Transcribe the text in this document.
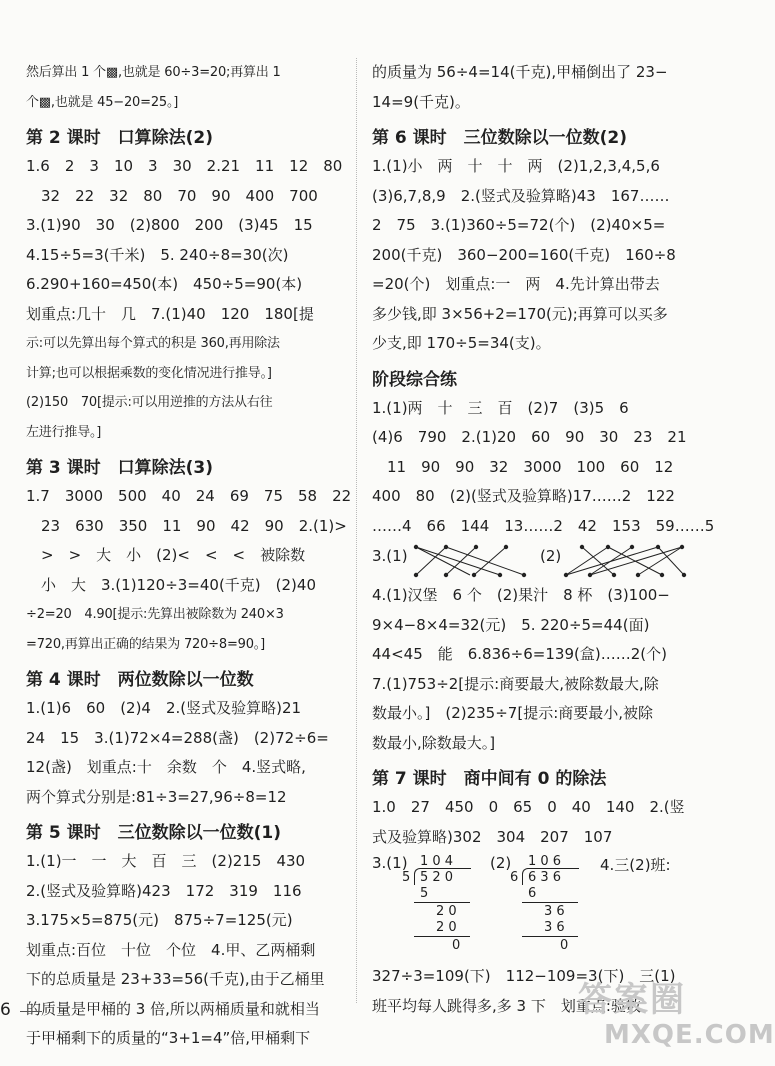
然后算出 1 个▩,也就是 60÷3=20;再算出 1
个▩,也就是 45−20=25。]
第 2 课时　口算除法(2)
1.6　2　3　10　3　30　2.21　11　12　80
　32　22　32　80　70　90　400　700
3.(1)90　30　(2)800　200　(3)45　15
4.15÷5=3(千米)　5. 240÷8=30(次)
6.290+160=450(本)　450÷5=90(本)
划重点:几十　几　7.(1)40　120　180[提
示:可以先算出每个算式的积是 360,再用除法
计算;也可以根据乘数的变化情况进行推导。]
(2)150　70[提示:可以用逆推的方法从右往
左进行推导。]
第 3 课时　口算除法(3)
1.7　3000　500　40　24　69　75　58　22
　23　630　350　11　90　42　90　2.(1)>
　>　>　大　小　(2)<　<　<　被除数
　小　大　3.(1)120÷3=40(千克)　(2)40
÷2=20　4.90[提示:先算出被除数为 240×3
=720,再算出正确的结果为 720÷8=90。]
第 4 课时　两位数除以一位数
1.(1)6　60　(2)4　2.(竖式及验算略)21
24　15　3.(1)72×4=288(盏)　(2)72÷6=
12(盏)　划重点:十　余数　个　4.竖式略,
两个算式分别是:81÷3=27,96÷8=12
第 5 课时　三位数除以一位数(1)
1.(1)一　一　大　百　三　(2)215　430
2.(竖式及验算略)423　172　319　116
3.175×5=875(元)　875÷7=125(元)
划重点:百位　十位　个位　4.甲、乙两桶剩
下的总质量是 23+33=56(千克),由于乙桶里
的质量是甲桶的 3 倍,所以两桶质量和就相当
于甲桶剩下的质量的“3+1=4”倍,甲桶剩下
的质量为 56÷4=14(千克),甲桶倒出了 23−
14=9(千克)。
第 6 课时　三位数除以一位数(2)
1.(1)小　两　十　十　两　(2)1,2,3,4,5,6
(3)6,7,8,9　2.(竖式及验算略)43　167……
2　75　3.(1)360÷5=72(个)　(2)40×5=
200(千克)　360−200=160(千克)　160÷8
=20(个)　划重点:一　两　4.先计算出带去
多少钱,即 3×56+2=170(元);再算可以买多
少支,即 170÷5=34(支)。
阶段综合练
1.(1)两　十　三　百　(2)7　(3)5　6
(4)6　790　2.(1)20　60　90　30　23　21
　11　90　90　32　3000　100　60　12
400　80　(2)(竖式及验算略)17……2　122
……4　66　144　13……2　42　153　59……5
3.(1)	(2)
4.(1)汉堡　6 个　(2)果汁　8 杯　(3)100−
9×4−8×4=32(元)　5. 220÷5=44(面)
44<45　能　6.836÷6=139(盒)……2(个)
7.(1)753÷2[提示:商要最大,被除数最大,除
数最小。]　(2)235÷7[提示:商要最小,被除
数最小,除数最大。]
第 7 课时　商中间有 0 的除法
1.0　27　450　0　65　0　40　140　2.(竖
式及验算略)302　304　207　107
3.(1) 1 0 4
5 5 2 0
5
2 0
2 0
0
(2) 1 0 6
6 6 3 6
6
3 6
3 6
0
4.三(2)班:
327÷3=109(下)　112−109=3(下)　三(1)
班平均每人跳得多,多 3 下　划重点:验数
6	答案圈
MXQE.COM
